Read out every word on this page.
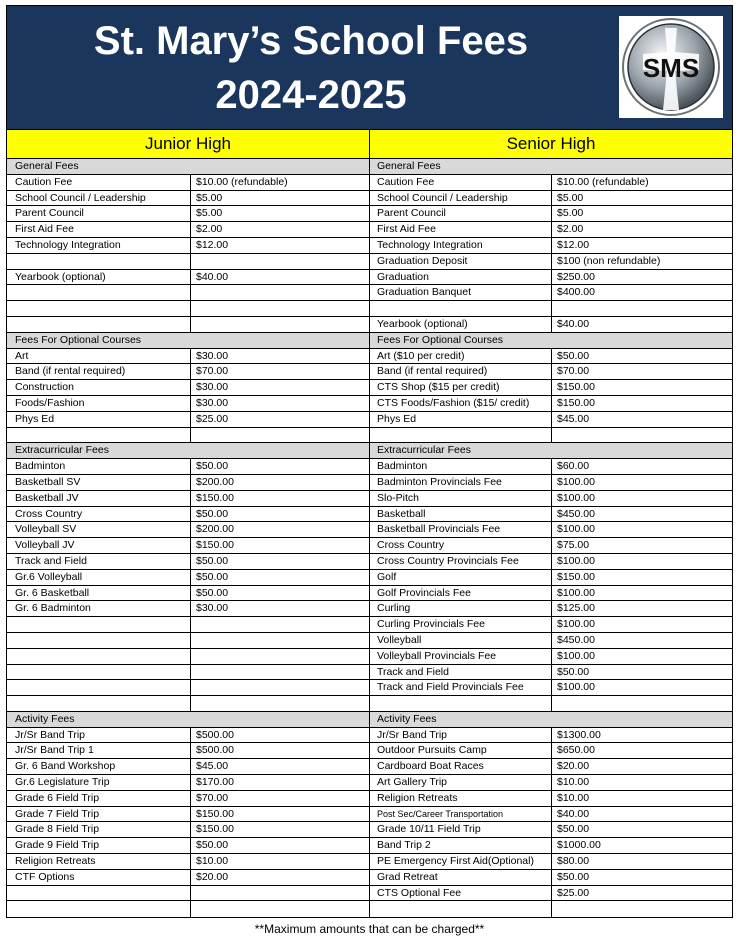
St. Mary’s School Fees
2024-2025
SMS
Junior High	Senior High
General Fees
Caution Fee	$10.00 (refundable)
School Council / Leadership	$5.00
Parent Council	$5.00
First Aid Fee	$2.00
Technology Integration	$12.00
Yearbook (optional)	$40.00
Fees For Optional Courses
Art	$30.00
Band (if rental required)	$70.00
Construction	$30.00
Foods/Fashion	$30.00
Phys Ed	$25.00
Extracurricular Fees
Badminton	$50.00
Basketball SV	$200.00
Basketball JV	$150.00
Cross Country	$50.00
Volleyball SV	$200.00
Volleyball JV	$150.00
Track and Field	$50.00
Gr.6 Volleyball	$50.00
Gr. 6 Basketball	$50.00
Gr. 6 Badminton	$30.00
Activity Fees
Jr/Sr Band Trip	$500.00
Jr/Sr Band Trip 1	$500.00
Gr. 6 Band Workshop	$45.00
Gr.6 Legislature Trip	$170.00
Grade 6 Field Trip	$70.00
Grade 7 Field Trip	$150.00
Grade 8 Field Trip	$150.00
Grade 9 Field Trip	$50.00
Religion Retreats	$10.00
CTF Options	$20.00
General Fees
Caution Fee	$10.00 (refundable)
School Council / Leadership	$5.00
Parent Council	$5.00
First Aid Fee	$2.00
Technology Integration	$12.00
Graduation Deposit	$100 (non refundable)
Graduation	$250.00
Graduation Banquet	$400.00
Yearbook (optional)	$40.00
Fees For Optional Courses
Art ($10 per credit)	$50.00
Band (if rental required)	$70.00
CTS Shop ($15 per credit)	$150.00
CTS Foods/Fashion ($15/ credit)	$150.00
Phys Ed	$45.00
Extracurricular Fees
Badminton	$60.00
Badminton Provincials Fee	$100.00
Slo-Pitch	$100.00
Basketball	$450.00
Basketball Provincials Fee	$100.00
Cross Country	$75.00
Cross Country Provincials Fee	$100.00
Golf	$150.00
Golf Provincials Fee	$100.00
Curling	$125.00
Curling Provincials Fee	$100.00
Volleyball	$450.00
Volleyball Provincials Fee	$100.00
Track and Field	$50.00
Track and Field Provincials Fee	$100.00
Activity Fees
Jr/Sr Band Trip	$1300.00
Outdoor Pursuits Camp	$650.00
Cardboard Boat Races	$20.00
Art Gallery Trip	$10.00
Religion Retreats	$10.00
Post Sec/Career Transportation	$40.00
Grade 10/11 Field Trip	$50.00
Band Trip 2	$1000.00
PE Emergency First Aid(Optional)	$80.00
Grad Retreat	$50.00
CTS Optional Fee	$25.00
**Maximum amounts that can be charged**
